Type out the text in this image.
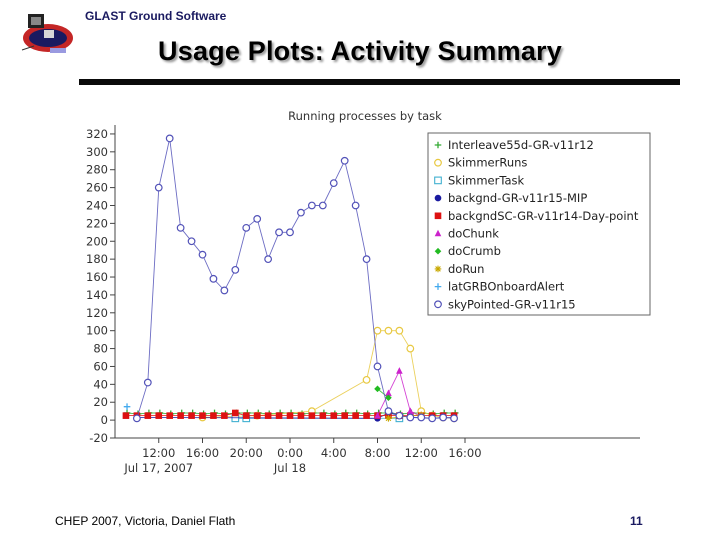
GLAST Ground Software
Usage Plots: Activity Summary
Running processes by task
-20
0
20
40
60
80
100
120
140
160
180
200
220
240
260
280
300
320
12:00
Jul 17, 2007
16:00 20:00 0:00
Jul 18
4:00 8:00 12:00 16:00
Interleave55d-GR-v11r12
SkimmerRuns
SkimmerTask
backgnd-GR-v11r15-MIP
backgndSC-GR-v11r14-Day-point
doChunk
doCrumb
doRun
latGRBOnboardAlert
skyPointed-GR-v11r15
CHEP 2007, Victoria, Daniel Flath	11
